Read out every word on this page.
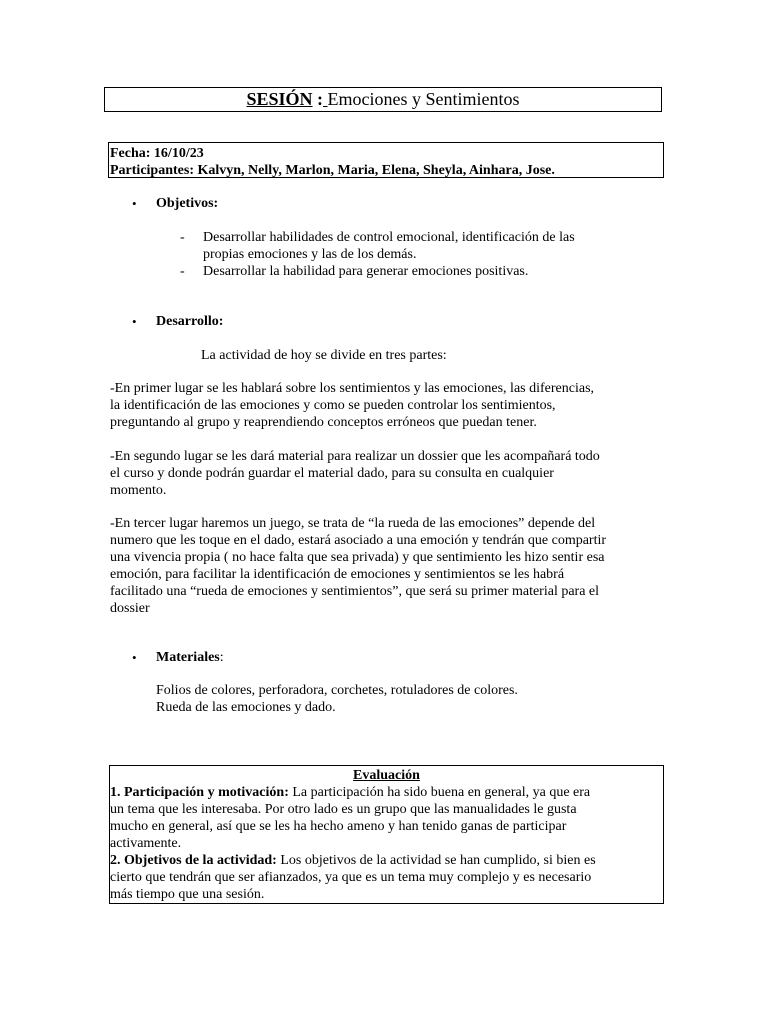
SESIÓN : Emociones y Sentimientos
Fecha: 16/10/23
Participantes: Kalvyn, Nelly, Marlon, Maria, Elena, Sheyla, Ainhara, Jose.
• Objetivos:
- Desarrollar habilidades de control emocional, identificación de las
propias emociones y las de los demás.
- Desarrollar la habilidad para generar emociones positivas.
• Desarrollo:
La actividad de hoy se divide en tres partes:
-En primer lugar se les hablará sobre los sentimientos y las emociones, las diferencias,
la identificación de las emociones y como se pueden controlar los sentimientos,
preguntando al grupo y reaprendiendo conceptos erróneos que puedan tener.
-En segundo lugar se les dará material para realizar un dossier que les acompañará todo
el curso y donde podrán guardar el material dado, para su consulta en cualquier
momento.
-En tercer lugar haremos un juego, se trata de “la rueda de las emociones” depende del
numero que les toque en el dado, estará asociado a una emoción y tendrán que compartir
una vivencia propia ( no hace falta que sea privada) y que sentimiento les hizo sentir esa
emoción, para facilitar la identificación de emociones y sentimientos se les habrá
facilitado una “rueda de emociones y sentimientos”, que será su primer material para el
dossier
• Materiales:
Folios de colores, perforadora, corchetes, rotuladores de colores.
Rueda de las emociones y dado.
Evaluación
1. Participación y motivación: La participación ha sido buena en general, ya que era
un tema que les interesaba. Por otro lado es un grupo que las manualidades le gusta
mucho en general, así que se les ha hecho ameno y han tenido ganas de participar
activamente.
2. Objetivos de la actividad: Los objetivos de la actividad se han cumplido, si bien es
cierto que tendrán que ser afianzados, ya que es un tema muy complejo y es necesario
más tiempo que una sesión.
